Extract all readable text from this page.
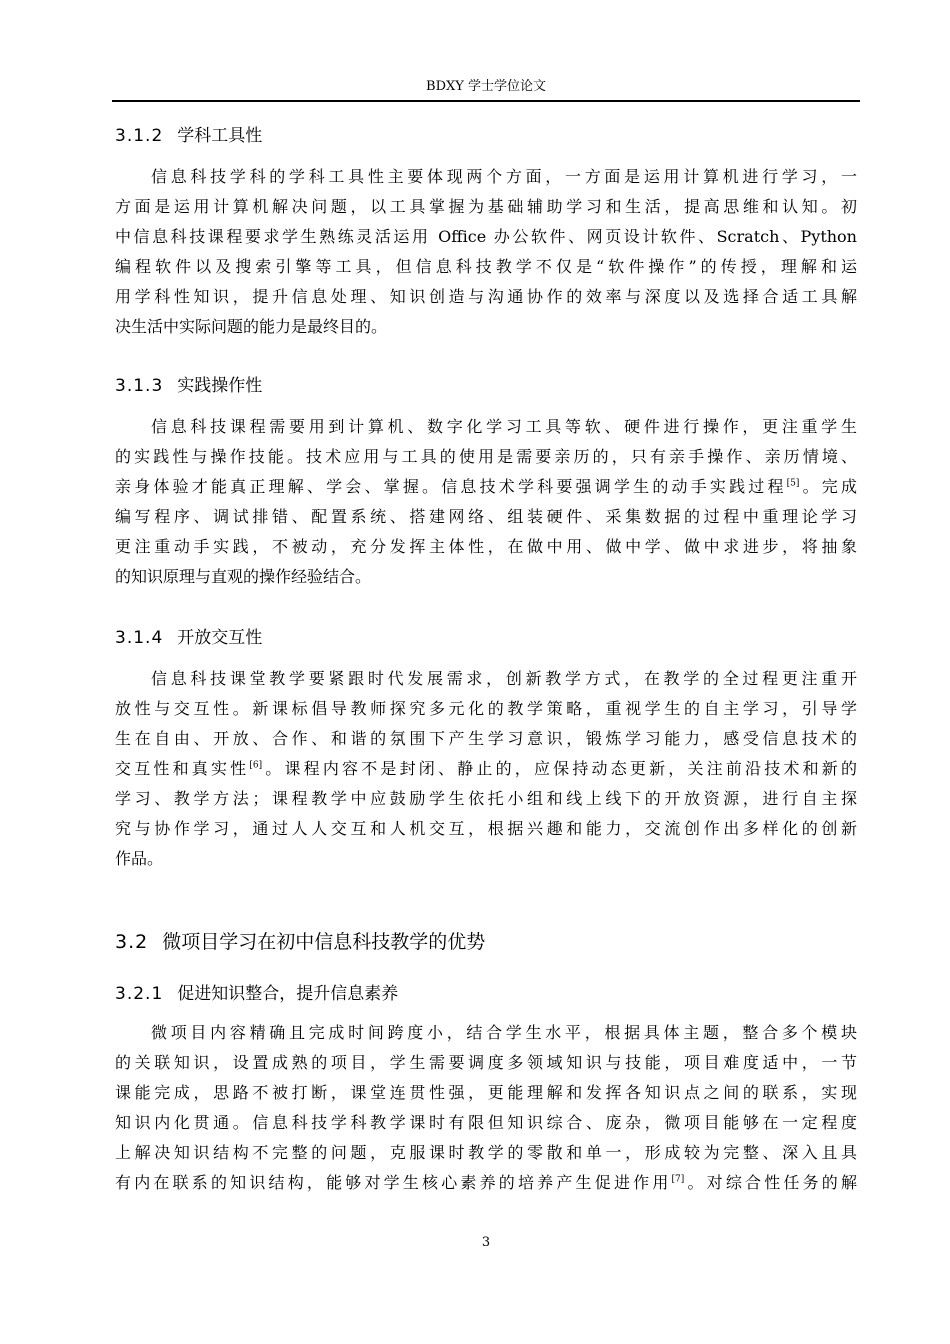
BDXY 学士学位论文
3.1.2 学科工具性
信息科技学科的学科工具性主要体现两个方面，一方面是运用计算机进行学习，一
方面是运用计算机解决问题，以工具掌握为基础辅助学习和生活，提高思维和认知。初
中信息科技课程要求学生熟练灵活运用 Office 办公软件、网页设计软件、Scratch、Python
编程软件以及搜索引擎等工具，但信息科技教学不仅是“软件操作”的传授，理解和运
用学科性知识，提升信息处理、知识创造与沟通协作的效率与深度以及选择合适工具解
决生活中实际问题的能力是最终目的。
3.1.3 实践操作性
信息科技课程需要用到计算机、数字化学习工具等软、硬件进行操作，更注重学生
的实践性与操作技能。技术应用与工具的使用是需要亲历的，只有亲手操作、亲历情境、
亲身体验才能真正理解、学会、掌握。信息技术学科要强调学生的动手实践过程[5]。完成
编写程序、调试排错、配置系统、搭建网络、组装硬件、采集数据的过程中重理论学习
更注重动手实践，不被动，充分发挥主体性，在做中用、做中学、做中求进步，将抽象
的知识原理与直观的操作经验结合。
3.1.4 开放交互性
信息科技课堂教学要紧跟时代发展需求，创新教学方式，在教学的全过程更注重开
放性与交互性。新课标倡导教师探究多元化的教学策略，重视学生的自主学习，引导学
生在自由、开放、合作、和谐的氛围下产生学习意识，锻炼学习能力，感受信息技术的
交互性和真实性[6]。课程内容不是封闭、静止的，应保持动态更新，关注前沿技术和新的
学习、教学方法；课程教学中应鼓励学生依托小组和线上线下的开放资源，进行自主探
究与协作学习，通过人人交互和人机交互，根据兴趣和能力，交流创作出多样化的创新
作品。
3.2 微项目学习在初中信息科技教学的优势
3.2.1 促进知识整合，提升信息素养
微项目内容精确且完成时间跨度小，结合学生水平，根据具体主题，整合多个模块
的关联知识，设置成熟的项目，学生需要调度多领域知识与技能，项目难度适中，一节
课能完成，思路不被打断，课堂连贯性强，更能理解和发挥各知识点之间的联系，实现
知识内化贯通。信息科技学科教学课时有限但知识综合、庞杂，微项目能够在一定程度
上解决知识结构不完整的问题，克服课时教学的零散和单一，形成较为完整、深入且具
有内在联系的知识结构，能够对学生核心素养的培养产生促进作用[7]。对综合性任务的解
3
